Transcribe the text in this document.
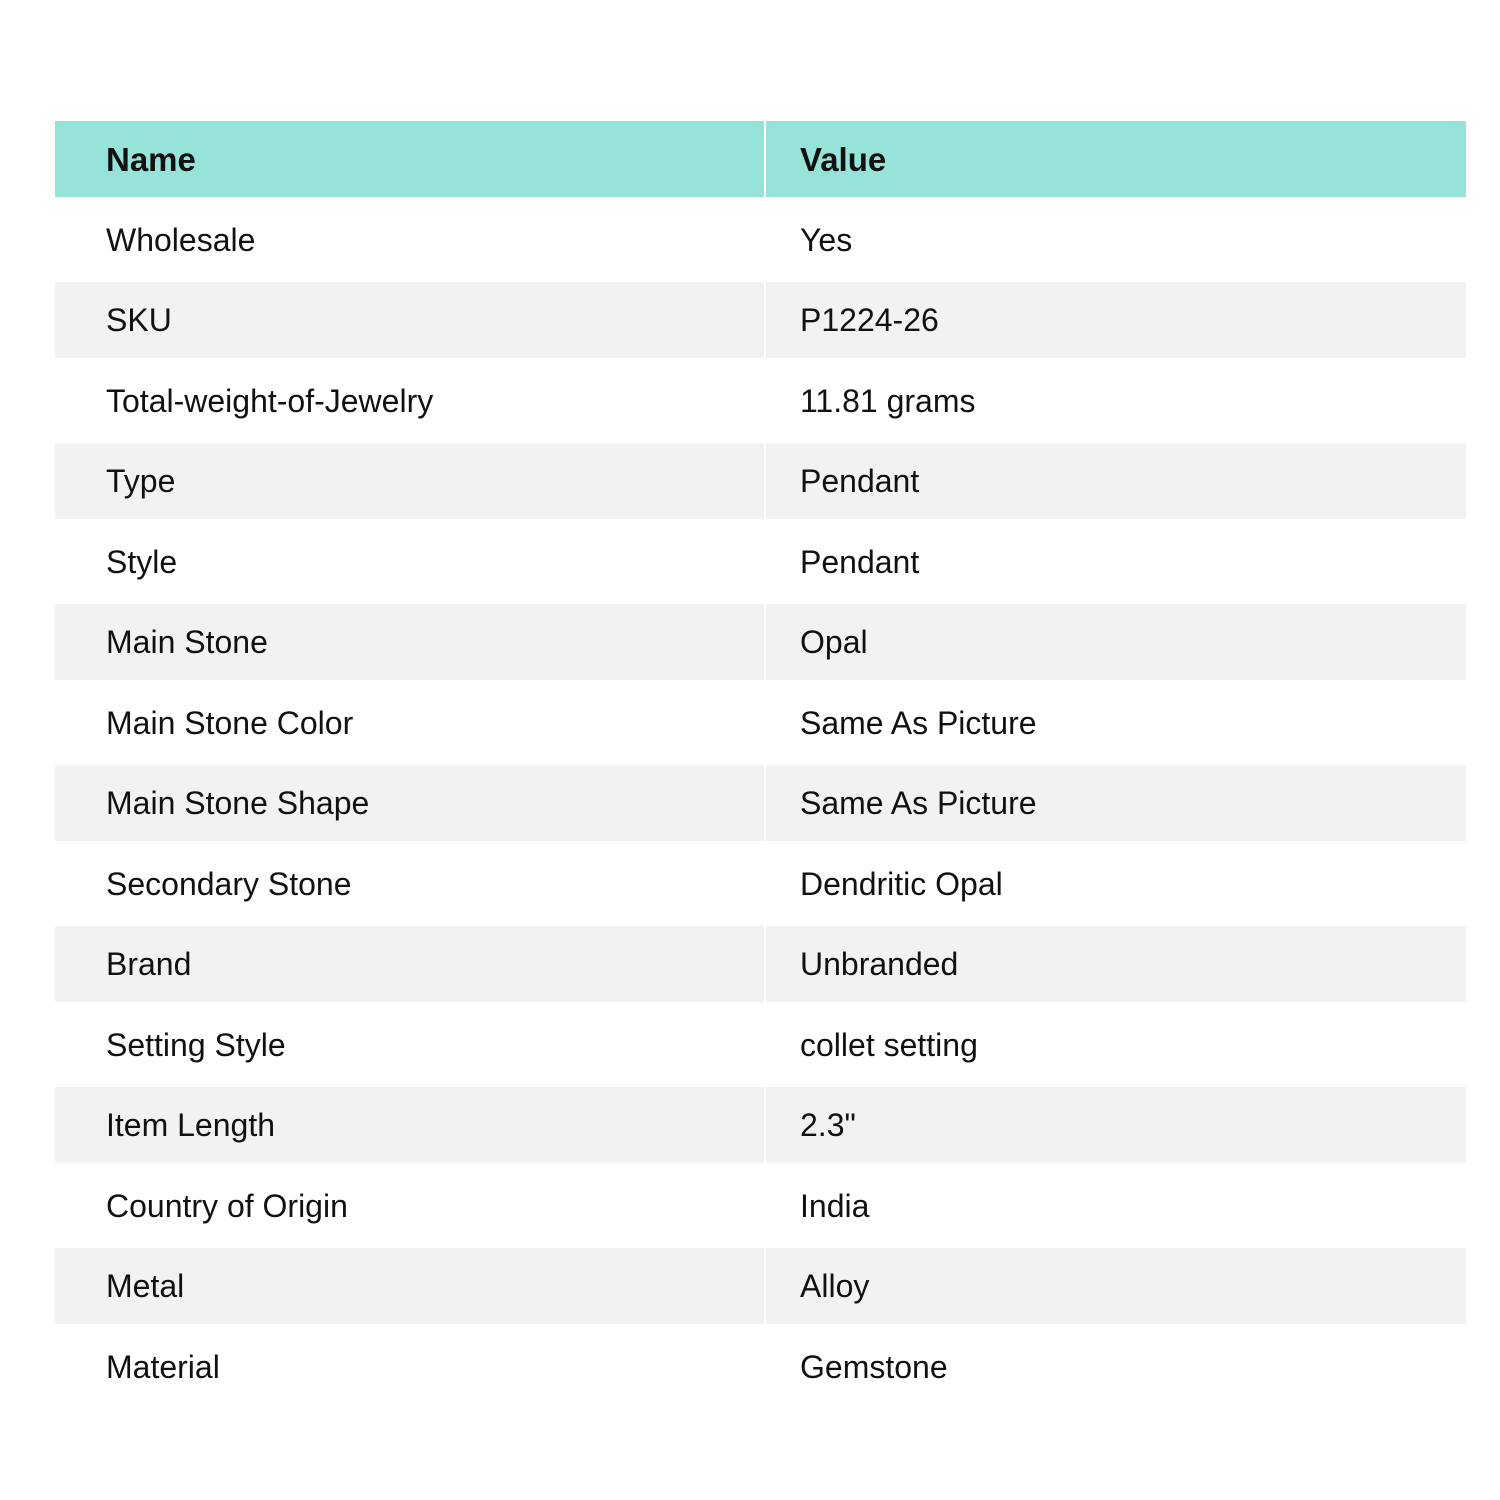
Name	Value
Wholesale	Yes
SKU	P1224-26
Total-weight-of-Jewelry	11.81 grams
Type	Pendant
Style	Pendant
Main Stone	Opal
Main Stone Color	Same As Picture
Main Stone Shape	Same As Picture
Secondary Stone	Dendritic Opal
Brand	Unbranded
Setting Style	collet setting
Item Length	2.3"
Country of Origin	India
Metal	Alloy
Material	Gemstone
